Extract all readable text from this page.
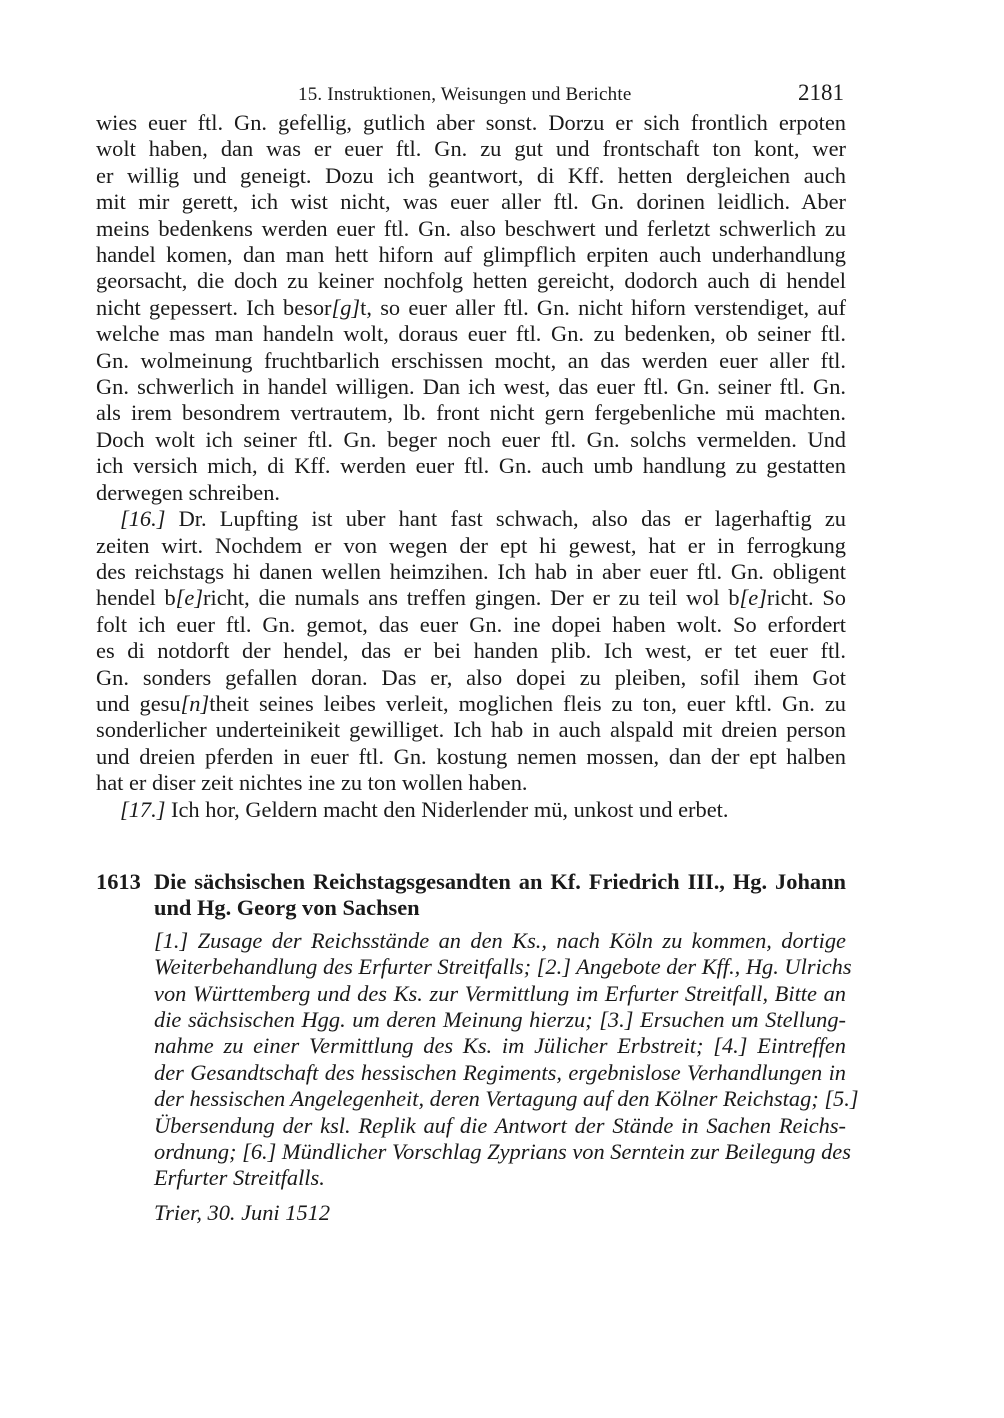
15. Instruktionen, Weisungen und Berichte	2181

wies euer ftl. Gn. gefellig, gutlich aber sonst. Dorzu er sich frontlich erpoten
wolt haben, dan was er euer ftl. Gn. zu gut und frontschaft ton kont, wer
er willig und geneigt. Dozu ich geantwort, di Kff. hetten dergleichen auch
mit mir gerett, ich wist nicht, was euer aller ftl. Gn. dorinen leidlich. Aber
meins bedenkens werden euer ftl. Gn. also beschwert und ferletzt schwerlich zu
handel komen, dan man hett hiforn auf glimpflich erpiten auch underhandlung
georsacht, die doch zu keiner nochfolg hetten gereicht, dodorch auch di hendel
nicht gepessert. Ich besor[g]t, so euer aller ftl. Gn. nicht hiforn verstendiget, auf
welche mas man handeln wolt, doraus euer ftl. Gn. zu bedenken, ob seiner ftl.
Gn. wolmeinung fruchtbarlich erschissen mocht, an das werden euer aller ftl.
Gn. schwerlich in handel willigen. Dan ich west, das euer ftl. Gn. seiner ftl. Gn.
als irem besondrem vertrautem, lb. front nicht gern fergebenliche mü machten.
Doch wolt ich seiner ftl. Gn. beger noch euer ftl. Gn. solchs vermelden. Und
ich versich mich, di Kff. werden euer ftl. Gn. auch umb handlung zu gestatten
derwegen schreiben.

[16.] Dr. Lupfting ist uber hant fast schwach, also das er lagerhaftig zu
zeiten wirt. Nochdem er von wegen der ept hi gewest, hat er in ferrogkung
des reichstags hi danen wellen heimzihen. Ich hab in aber euer ftl. Gn. obligent
hendel b[e]richt, die numals ans treffen gingen. Der er zu teil wol b[e]richt. So
folt ich euer ftl. Gn. gemot, das euer Gn. ine dopei haben wolt. So erfordert
es di notdorft der hendel, das er bei handen plib. Ich west, er tet euer ftl.
Gn. sonders gefallen doran. Das er, also dopei zu pleiben, sofil ihem Got
und gesu[n]theit seines leibes verleit, moglichen fleis zu ton, euer kftl. Gn. zu
sonderlicher underteinikeit gewilliget. Ich hab in auch alspald mit dreien person
und dreien pferden in euer ftl. Gn. kostung nemen mossen, dan der ept halben
hat er diser zeit nichtes ine zu ton wollen haben.

[17.] Ich hor, Geldern macht den Niderlender mü, unkost und erbet.

1613 Die sächsischen Reichstagsgesandten an Kf. Friedrich III., Hg. Johann
und Hg. Georg von Sachsen
[1.] Zusage der Reichsstände an den Ks., nach Köln zu kommen, dortige
Weiterbehandlung des Erfurter Streitfalls; [2.] Angebote der Kff., Hg. Ulrichs
von Württemberg und des Ks. zur Vermittlung im Erfurter Streitfall, Bitte an
die sächsischen Hgg. um deren Meinung hierzu; [3.] Ersuchen um Stellung-
nahme zu einer Vermittlung des Ks. im Jülicher Erbstreit; [4.] Eintreffen
der Gesandtschaft des hessischen Regiments, ergebnislose Verhandlungen in
der hessischen Angelegenheit, deren Vertagung auf den Kölner Reichstag; [5.]
Übersendung der ksl. Replik auf die Antwort der Stände in Sachen Reichs-
ordnung; [6.] Mündlicher Vorschlag Zyprians von Serntein zur Beilegung des
Erfurter Streitfalls.
Trier, 30. Juni 1512
